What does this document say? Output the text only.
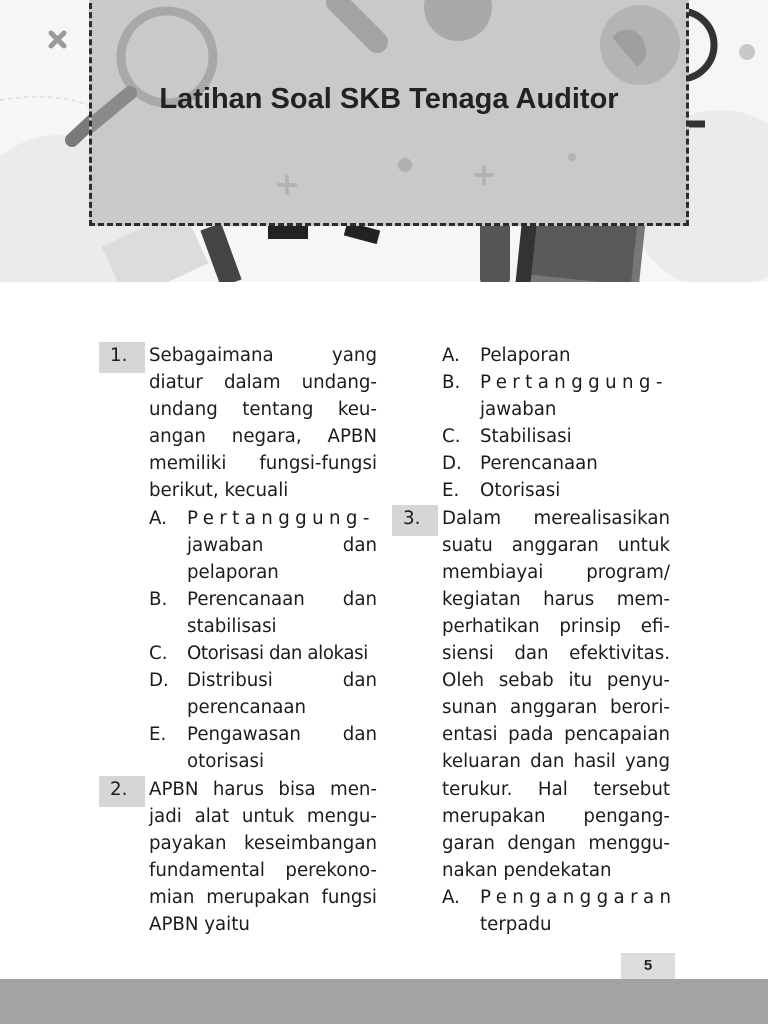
Latihan Soal SKB Tenaga Auditor
1.	Sebagaimana yang diatur dalam undang-undang tentang keu-angan negara, APBN memiliki fungsi-fungsi berikut, kecuali
A. Pertanggung- jawaban dan pelaporan
B. Perencanaan dan stabilisasi
C. Otorisasi dan alokasi
D. Distribusi dan perencanaan
E. Pengawasan dan otorisasi
2.	APBN harus bisa men-jadi alat untuk mengu-payakan keseimbangan fundamental perekono-mian merupakan fungsi APBN yaitu
A. Pelaporan
B. Pertanggung-
jawaban
C. Stabilisasi
D. Perencanaan
E. Otorisasi
3.	Dalam merealisasikan suatu anggaran untuk membiayai program/ kegiatan harus mem-perhatikan prinsip efi-siensi dan efektivitas. Oleh sebab itu penyu-sunan anggaran berori-entasi pada pencapaian keluaran dan hasil yang terukur. Hal tersebut merupakan pengang-garan dengan menggu-nakan pendekatan
A. Penganggaran
terpadu
5
